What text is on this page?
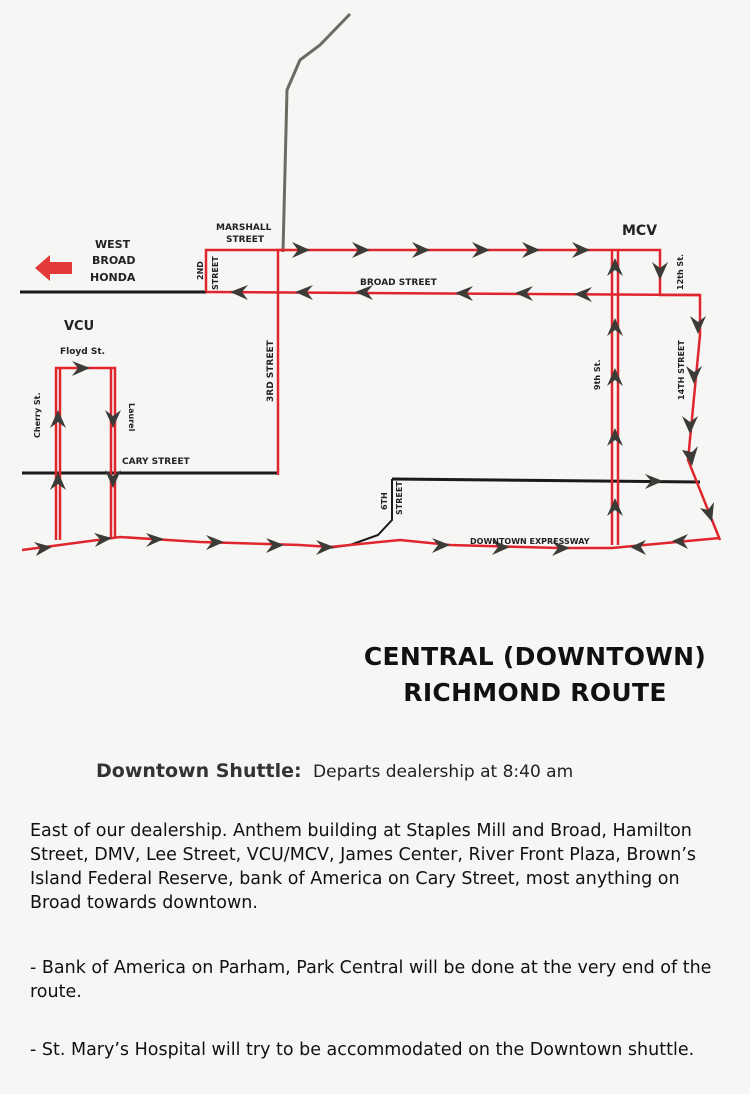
MARSHALL
STREET
MCV
WEST
BROAD
HONDA	2ND STREET	12th St.
BROAD STREET
VCU
Floyd St.	3RD STREET	9th St.	14TH STREET
Cherry St.	Laurel
CARY STREET
6TH STREET
DOWNTOWN EXPRESSWAY
CENTRAL (DOWNTOWN)
RICHMOND ROUTE
Downtown Shuttle: Departs dealership at 8:40 am

East of our dealership. Anthem building at Staples Mill and Broad, Hamilton Street, DMV, Lee Street, VCU/MCV, James Center, River Front Plaza, Brown’s Island Federal Reserve, bank of America on Cary Street, most anything on Broad towards downtown.

- Bank of America on Parham, Park Central will be done at the very end of the route.

- St. Mary’s Hospital will try to be accommodated on the Downtown shuttle.
